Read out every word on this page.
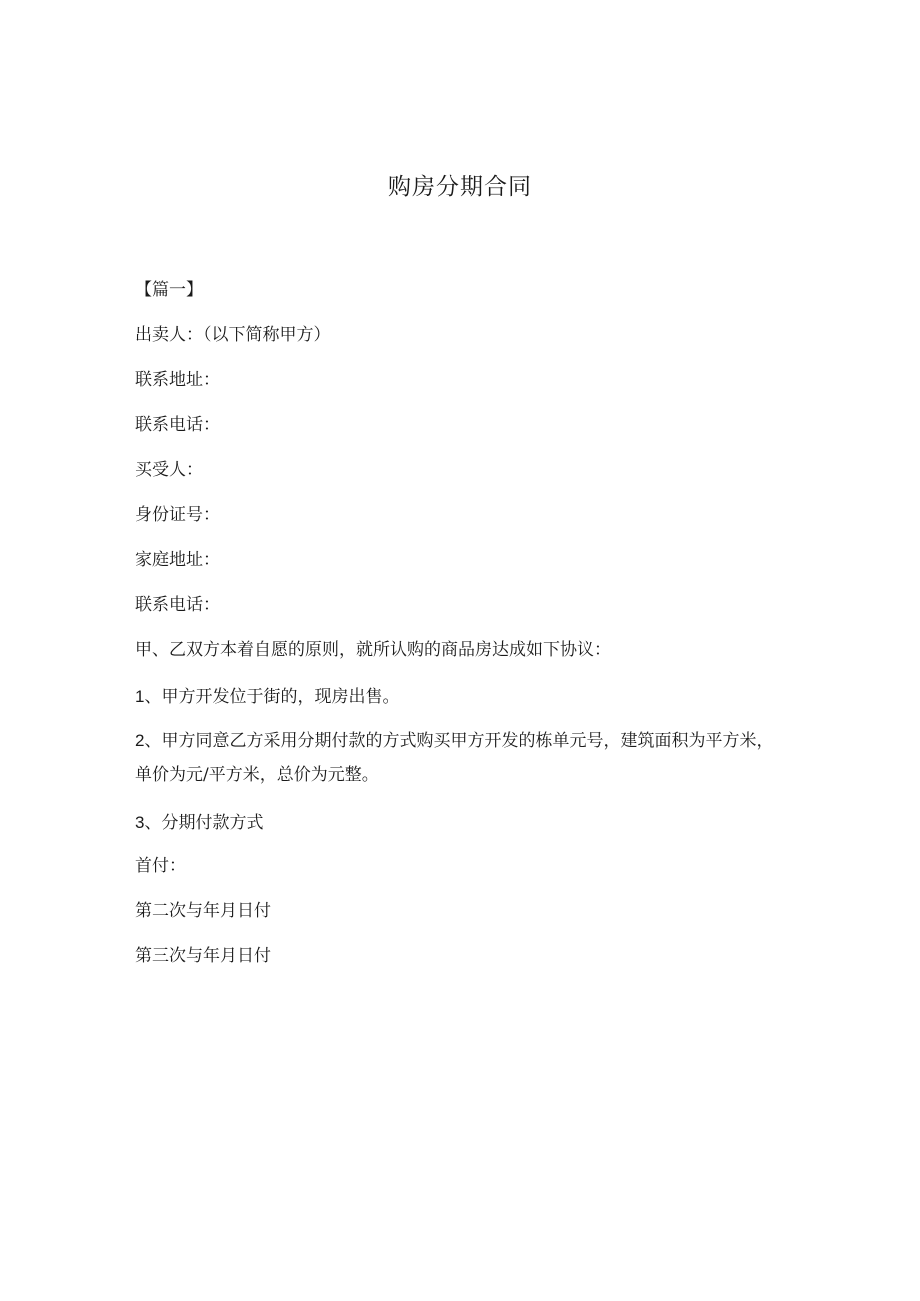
购房分期合同

【篇一】

出卖人：（以下简称甲方）

联系地址：

联系电话：

买受人：

身份证号：

家庭地址：

联系电话：

甲、乙双方本着自愿的原则，就所认购的商品房达成如下协议：

1、甲方开发位于街的，现房出售。

2、甲方同意乙方采用分期付款的方式购买甲方开发的栋单元号，建筑面积为平方米，单价为元/平方米，总价为元整。

3、分期付款方式

首付：

第二次与年月日付

第三次与年月日付
